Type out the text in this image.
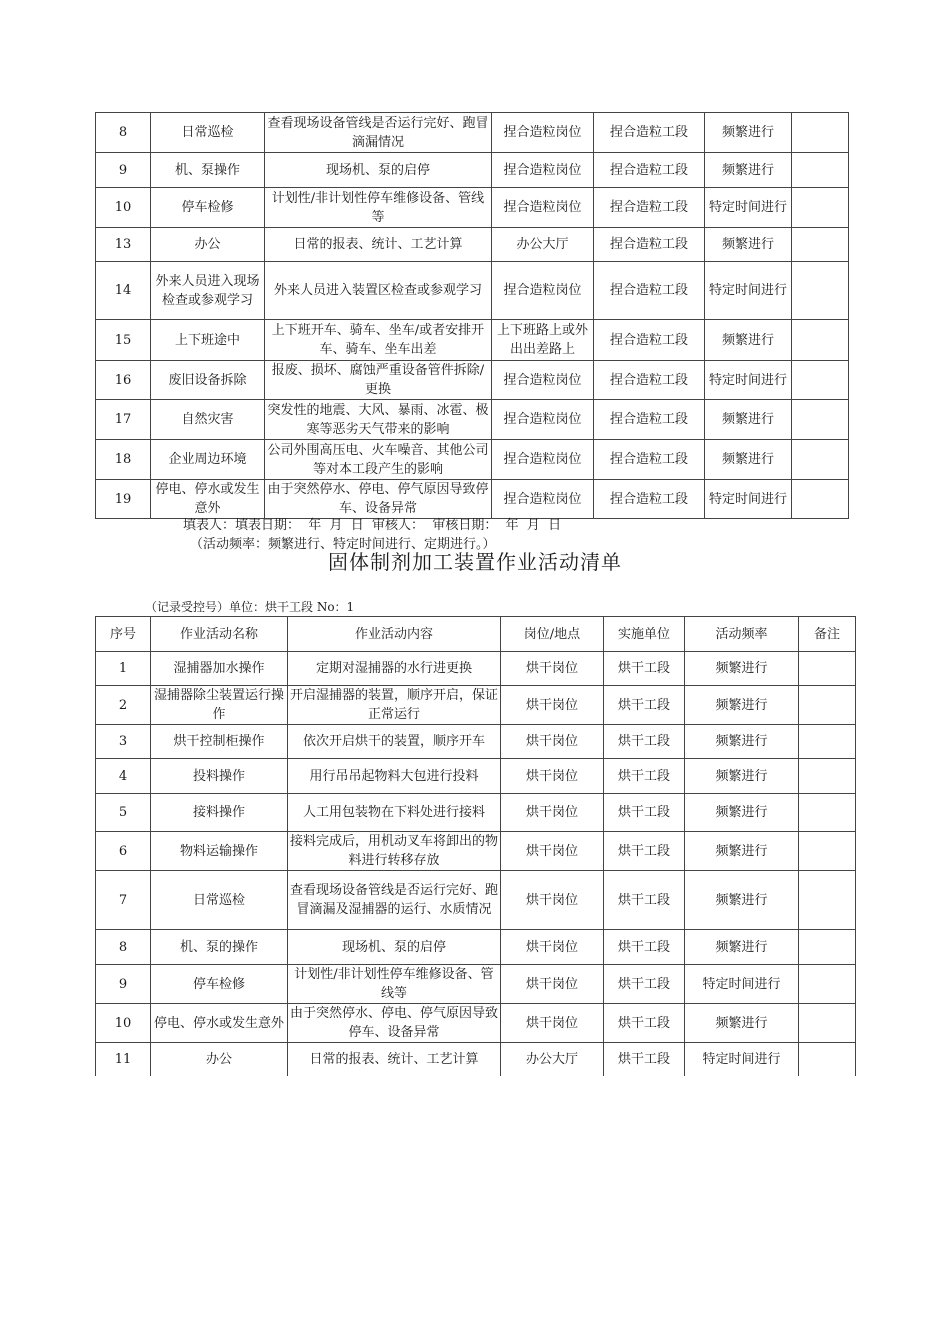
8	日常巡检	查看现场设备管线是否运行完好、跑冒滴漏情况	捏合造粒岗位	捏合造粒工段	频繁进行	
9	机、泵操作	现场机、泵的启停	捏合造粒岗位	捏合造粒工段	频繁进行	
10	停车检修	计划性/非计划性停车维修设备、管线等	捏合造粒岗位	捏合造粒工段	特定时间进行	
13	办公	日常的报表、统计、工艺计算	办公大厅	捏合造粒工段	频繁进行	
14	外来人员进入现场检查或参观学习	外来人员进入装置区检查或参观学习	捏合造粒岗位	捏合造粒工段	特定时间进行	
15	上下班途中	上下班开车、骑车、坐车/或者安排开车、骑车、坐车出差	上下班路上或外出出差路上	捏合造粒工段	频繁进行	
16	废旧设备拆除	报废、损坏、腐蚀严重设备管件拆除/更换	捏合造粒岗位	捏合造粒工段	特定时间进行	
17	自然灾害	突发性的地震、大风、暴雨、冰雹、极寒等恶劣天气带来的影响	捏合造粒岗位	捏合造粒工段	频繁进行	
18	企业周边环境	公司外围高压电、火车噪音、其他公司等对本工段产生的影响	捏合造粒岗位	捏合造粒工段	频繁进行	
19	停电、停水或发生意外	由于突然停水、停电、停气原因导致停车、设备异常	捏合造粒岗位	捏合造粒工段	特定时间进行	
填表人：填表日期：  年  月  日  审核人：  审核日期：  年  月  日
（活动频率：频繁进行、特定时间进行、定期进行。）
固体制剂加工装置作业活动清单
（记录受控号）单位：烘干工段 No：1
序号	作业活动名称	作业活动内容	岗位/地点	实施单位	活动频率	备注
1	湿捕器加水操作	定期对湿捕器的水行进更换	烘干岗位	烘干工段	频繁进行	
2	湿捕器除尘装置运行操作	开启湿捕器的装置，顺序开启，保证正常运行	烘干岗位	烘干工段	频繁进行	
3	烘干控制柜操作	依次开启烘干的装置，顺序开车	烘干岗位	烘干工段	频繁进行	
4	投料操作	用行吊吊起物料大包进行投料	烘干岗位	烘干工段	频繁进行	
5	接料操作	人工用包装物在下料处进行接料	烘干岗位	烘干工段	频繁进行	
6	物料运输操作	接料完成后，用机动叉车将卸出的物料进行转移存放	烘干岗位	烘干工段	频繁进行	
7	日常巡检	查看现场设备管线是否运行完好、跑冒滴漏及湿捕器的运行、水质情况	烘干岗位	烘干工段	频繁进行	
8	机、泵的操作	现场机、泵的启停	烘干岗位	烘干工段	频繁进行	
9	停车检修	计划性/非计划性停车维修设备、管线等	烘干岗位	烘干工段	特定时间进行	
10	停电、停水或发生意外	由于突然停水、停电、停气原因导致停车、设备异常	烘干岗位	烘干工段	频繁进行	
11	办公	日常的报表、统计、工艺计算	办公大厅	烘干工段	特定时间进行	
